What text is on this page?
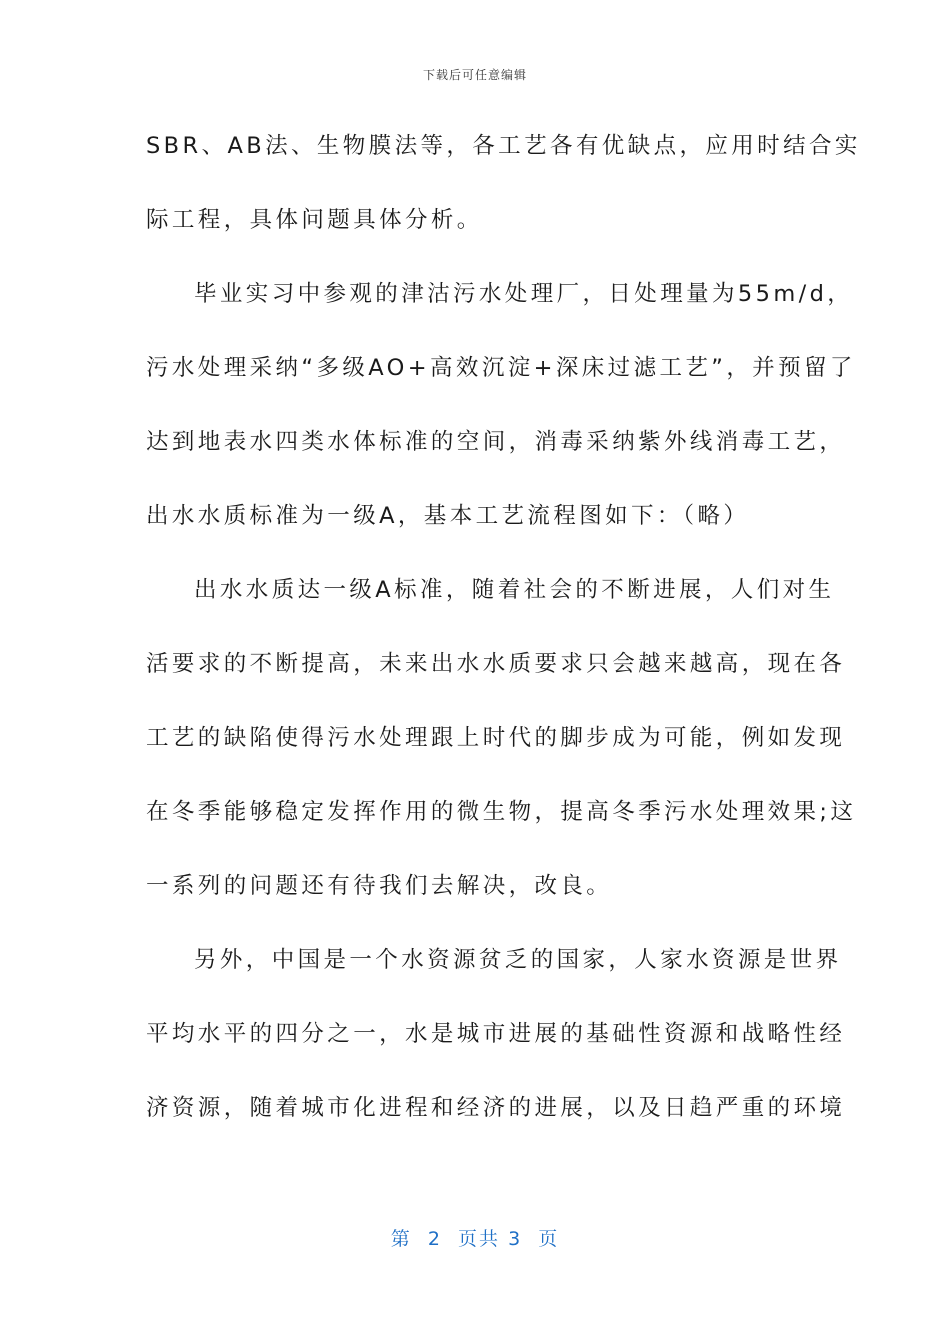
下载后可任意编辑
SBR、AB法、生物膜法等，各工艺各有优缺点，应用时结合实
际工程，具体问题具体分析。
毕业实习中参观的津沽污水处理厂，日处理量为55m/d，
污水处理采纳“多级AO+高效沉淀+深床过滤工艺”，并预留了
达到地表水四类水体标准的空间，消毒采纳紫外线消毒工艺，
出水水质标准为一级A，基本工艺流程图如下：（略）
出水水质达一级A标准，随着社会的不断进展，人们对生
活要求的不断提高，未来出水水质要求只会越来越高，现在各
工艺的缺陷使得污水处理跟上时代的脚步成为可能，例如发现
在冬季能够稳定发挥作用的微生物，提高冬季污水处理效果;这
一系列的问题还有待我们去解决，改良。
另外，中国是一个水资源贫乏的国家，人家水资源是世界
平均水平的四分之一，水是城市进展的基础性资源和战略性经
济资源，随着城市化进程和经济的进展，以及日趋严重的环境
第 2 页共 3 页
